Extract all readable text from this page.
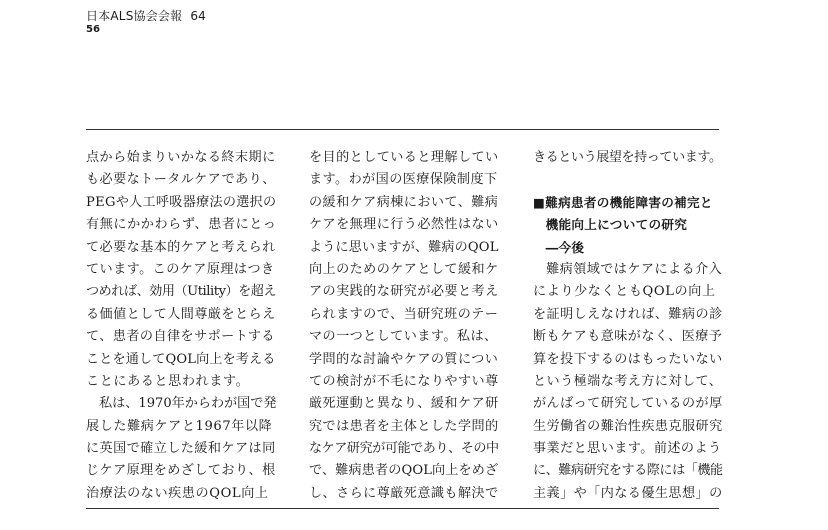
日本ALS協会会報 64
56
点から始まりいかなる終末期に
も必要なトータルケアであり、
PEGや人工呼吸器療法の選択の
有無にかかわらず、患者にとっ
て必要な基本的ケアと考えられ
ています。このケア原理はつき
つめれば、効用（Utility）を超え
る価値として人間尊厳をとらえ
て、患者の自律をサポートする
ことを通してQOL向上を考える
ことにあると思われます。
私は、1970年からわが国で発
展した難病ケアと1967年以降
に英国で確立した緩和ケアは同
じケア原理をめざしており、根
治療法のない疾患のQOL向上
を目的としていると理解してい
ます。わが国の医療保険制度下
の緩和ケア病棟において、難病
ケアを無理に行う必然性はない
ように思いますが、難病のQOL
向上のためのケアとして緩和ケ
アの実践的な研究が必要と考え
られますので、当研究班のテー
マの一つとしています。私は、
学問的な討論やケアの質につい
ての検討が不毛になりやすい尊
厳死運動と異なり、緩和ケア研
究では患者を主体とした学問的
なケア研究が可能であり、その中
で、難病患者のQOL向上をめざ
し、さらに尊厳死意識も解決で
きるという展望を持っています。
■難病患者の機能障害の補完と
機能向上についての研究
―今後
難病領域ではケアによる介入
により少なくともQOLの向上
を証明しえなければ、難病の診
断もケアも意味がなく、医療予
算を投下するのはもったいない
という極端な考え方に対して、
がんばって研究しているのが厚
生労働省の難治性疾患克服研究
事業だと思います。前述のよう
に、難病研究をする際には「機能
主義」や「内なる優生思想」の
